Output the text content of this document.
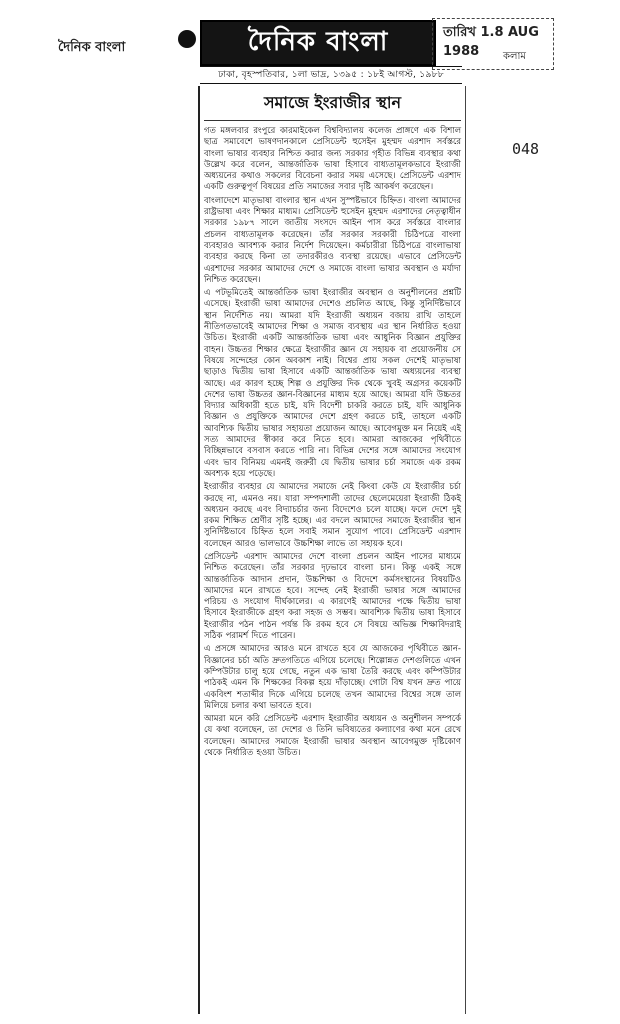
দৈনিক বাংলা	দৈনিক বাংলা	তারিখ 1.8 AUG 1988	কলাম
048
ঢাকা, বৃহস্পতিবার, ১লা ভাদ্র, ১৩৯৫ : ১৮ই আগস্ট, ১৯৮৮
সমাজে ইংরাজীর স্থান

গত মঙ্গলবার রংপুরে কারমাইকেল বিশ্ববিদ্যালয় কলেজ প্রাঙ্গণে এক বিশাল ছাত্র সমাবেশে ভাষণদানকালে প্রেসিডেন্ট হুসেইন মুহম্মদ এরশাদ সর্বস্তরে বাংলা ভাষার ব্যবহার নিশ্চিত করার জন্য সরকার গৃহীত বিভিন্ন ব্যবস্থার কথা উল্লেখ করে বলেন, আন্তর্জাতিক ভাষা হিসাবে বাধ্যতামূলকভাবে ইংরাজী অধ্যয়নের কথাও সকলের বিবেচনা করার সময় এসেছে। প্রেসিডেন্ট এরশাদ একটি গুরুত্বপূর্ণ বিষয়ের প্রতি সমাজের সবার দৃষ্টি আকর্ষণ করেছেন।

বাংলাদেশে মাতৃভাষা বাংলার স্থান এখন সুস্পষ্টভাবে চিহ্নিত। বাংলা আমাদের রাষ্ট্রভাষা এবং শিক্ষার মাধ্যম। প্রেসিডেন্ট হুসেইন মুহম্মদ এরশাদের নেতৃত্বাধীন সরকার ১৯৮৭ সালে জাতীয় সংসদে আইন পাস করে সর্বস্তরে বাংলার প্রচলন বাধ্যতামূলক করেছেন। তাঁর সরকার সরকারী চিঠিপত্রে বাংলা ব্যবহারও আবশ্যক করার নির্দেশ দিয়েছেন। কর্মচারীরা চিঠিপত্রে বাংলাভাষা ব্যবহার করছে কিনা তা তদারকীরও ব্যবস্থা রয়েছে। এভাবে প্রেসিডেন্ট এরশাদের সরকার আমাদের দেশে ও সমাজে বাংলা ভাষার অবস্থান ও মর্যাদা নিশ্চিত করেছেন।

এ পটভূমিতেই আন্তর্জাতিক ভাষা ইংরাজীর অবস্থান ও অনুশীলনের প্রশ্নটি এসেছে। ইংরাজী ভাষা আমাদের দেশেও প্রচলিত আছে, কিন্তু সুনির্দিষ্টভাবে স্থান নির্দেশিত নয়। আমরা যদি ইংরাজী অধ্যয়ন বজায় রাখি তাহলে নীতিগতভাবেই আমাদের শিক্ষা ও সমাজ ব্যবস্থায় এর স্থান নির্ধারিত হওয়া উচিত। ইংরাজী একটি আন্তর্জাতিক ভাষা এবং আধুনিক বিজ্ঞান প্রযুক্তির বাহন। উচ্চতর শিক্ষার ক্ষেত্রে ইংরাজীর জ্ঞান যে সহায়ক বা প্রয়োজনীয় সে বিষয়ে সন্দেহের কোন অবকাশ নাই। বিশ্বের প্রায় সকল দেশেই মাতৃভাষা ছাড়াও দ্বিতীয় ভাষা হিসাবে একটি আন্তর্জাতিক ভাষা অধ্যয়নের ব্যবস্থা আছে। এর কারণ হচ্ছে শিল্প ও প্রযুক্তির দিক থেকে খুবই অগ্রসর কয়েকটি দেশের ভাষা উচ্চতর জ্ঞান-বিজ্ঞানের মাধ্যম হয়ে আছে। আমরা যদি উচ্চতর বিদ্যার অধিকারী হতে চাই, যদি বিদেশী চাকরি করতে চাই, যদি আধুনিক বিজ্ঞান ও প্রযুক্তিকে আমাদের দেশে গ্রহণ করতে চাই, তাহলে একটি আবশ্যিক দ্বিতীয় ভাষার সহায়তা প্রয়োজন আছে। আবেগমুক্ত মন নিয়েই এই সত্য আমাদের স্বীকার করে নিতে হবে। আমরা আজকের পৃথিবীতে বিচ্ছিন্নভাবে বসবাস করতে পারি না। বিভিন্ন দেশের সঙ্গে আমাদের সংযোগ এবং ভাব বিনিময় এমনই জরুরী যে দ্বিতীয় ভাষার চর্চা সমাজে এক রকম অবশ্যক হয়ে পড়েছে।

ইংরাজীর ব্যবহার যে আমাদের সমাজে নেই কিংবা কেউ যে ইংরাজীর চর্চা করছে না, এমনও নয়। যারা সম্পদশালী তাদের ছেলেমেয়েরা ইংরাজী ঠিকই অধ্যয়ন করছে এবং বিদ্যাচর্চার জন্য বিদেশেও চলে যাচ্ছে। ফলে দেশে দুই রকম শিক্ষিত শ্রেণীর সৃষ্টি হচ্ছে। এর বদলে আমাদের সমাজে ইংরাজীর স্থান সুনির্দিষ্টভাবে চিহ্নিত হলে সবাই সমান সুযোগ পাবে। প্রেসিডেন্ট এরশাদ বলেছেন আরও ভালভাবে উচ্চশিক্ষা লাভে তা সহায়ক হবে।

প্রেসিডেন্ট এরশাদ আমাদের দেশে বাংলা প্রচলন আইন পাসের মাধ্যমে নিশ্চিত করেছেন। তাঁর সরকার দৃঢ়ভাবে বাংলা চান। কিন্তু একই সঙ্গে আন্তর্জাতিক আদান প্রদান, উচ্চশিক্ষা ও বিদেশে কর্মসংস্থানের বিষয়টিও আমাদের মনে রাখতে হবে। সন্দেহ নেই ইংরাজী ভাষার সঙ্গে আমাদের পরিচয় ও সংযোগ দীর্ঘকালের। এ কারণেই আমাদের পক্ষে দ্বিতীয় ভাষা হিসাবে ইংরাজীকে গ্রহণ করা সহজ ও সম্ভব। আবশ্যিক দ্বিতীয় ভাষা হিসাবে ইংরাজীর পঠন পাঠন পর্যন্ত কি রকম হবে সে বিষয়ে অভিজ্ঞ শিক্ষাবিদরাই সঠিক পরামর্শ দিতে পারেন।

এ প্রসঙ্গে আমাদের আরও মনে রাখতে হবে যে আজকের পৃথিবীতে জ্ঞান-বিজ্ঞানের চর্চা অতি দ্রুতগতিতে এগিয়ে চলেছে। শিল্পোন্নত দেশগুলিতে এখন কম্পিউটার চালু হয়ে গেছে, নতুন এক ভাষা তৈরি করছে এবং কম্পিউটার পাঠকই এমন কি শিক্ষকের বিকল্প হয়ে দাঁড়াচ্ছে। গোটা বিশ্ব যখন দ্রুত পায়ে একবিংশ শতাব্দীর দিকে এগিয়ে চলেছে তখন আমাদের বিশ্বের সঙ্গে তাল মিলিয়ে চলার কথা ভাবতে হবে।

আমরা মনে করি প্রেসিডেন্ট এরশাদ ইংরাজীর অধ্যয়ন ও অনুশীলন সম্পর্কে যে কথা বলেছেন, তা দেশের ও তিনি ভবিষ্যতের কল্যাণের কথা মনে রেখে বলেছেন। আমাদের সমাজে ইংরাজী ভাষার অবস্থান আবেগমুক্ত দৃষ্টিকোণ থেকে নির্ধারিত হওয়া উচিত।
